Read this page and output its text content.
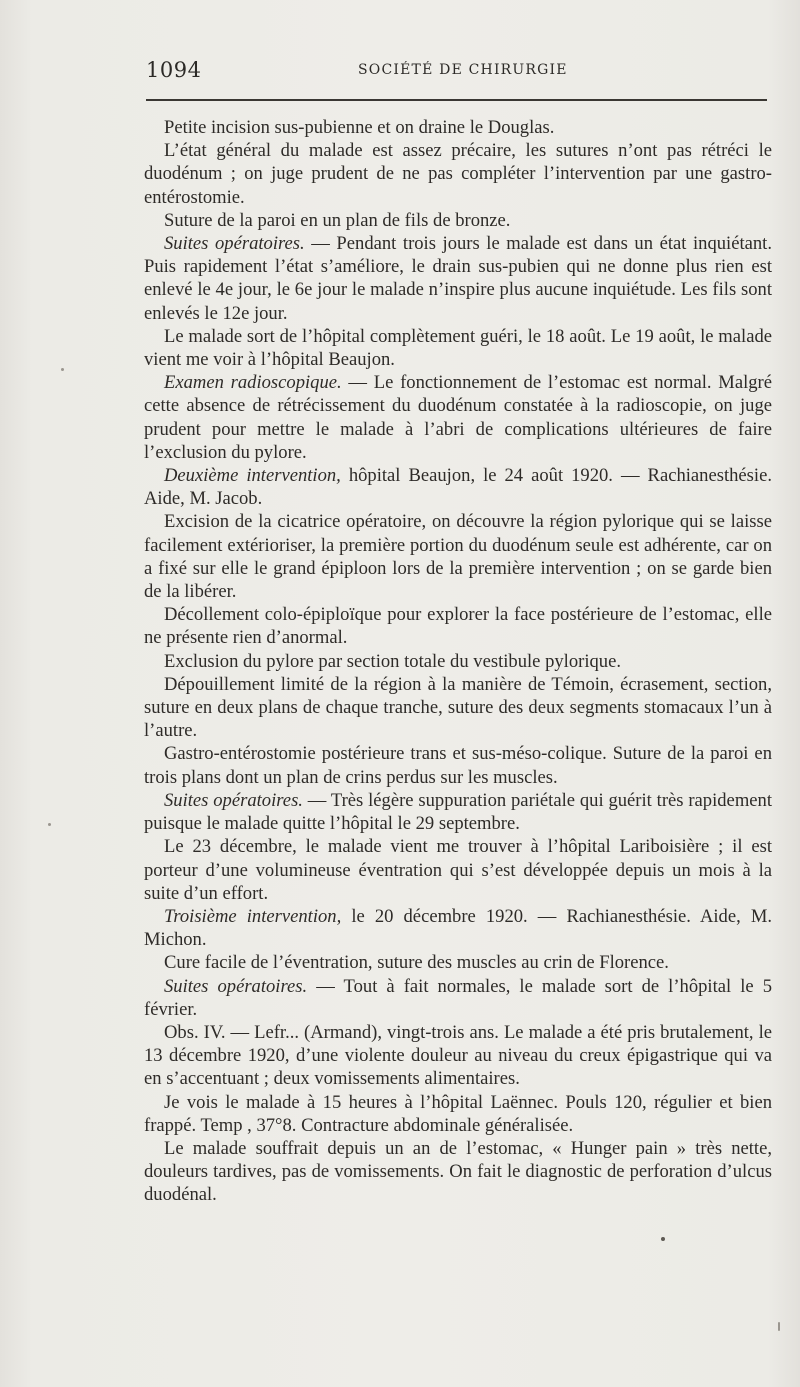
1094	SOCIÉTÉ DE CHIRURGIE

Petite incision sus-pubienne et on draine le Douglas.

L’état général du malade est assez précaire, les sutures n’ont pas rétréci le duodénum ; on juge prudent de ne pas compléter l’intervention par une gastro-entérostomie.

Suture de la paroi en un plan de fils de bronze.

Suites opératoires. — Pendant trois jours le malade est dans un état inquiétant. Puis rapidement l’état s’améliore, le drain sus-pubien qui ne donne plus rien est enlevé le 4e jour, le 6e jour le malade n’inspire plus aucune inquiétude. Les fils sont enlevés le 12e jour.

Le malade sort de l’hôpital complètement guéri, le 18 août. Le 19 août, le malade vient me voir à l’hôpital Beaujon.

Examen radioscopique. — Le fonctionnement de l’estomac est normal. Malgré cette absence de rétrécissement du duodénum constatée à la radioscopie, on juge prudent pour mettre le malade à l’abri de complications ultérieures de faire l’exclusion du pylore.

Deuxième intervention, hôpital Beaujon, le 24 août 1920. — Rachianesthésie. Aide, M. Jacob.

Excision de la cicatrice opératoire, on découvre la région pylorique qui se laisse facilement extérioriser, la première portion du duodénum seule est adhérente, car on a fixé sur elle le grand épiploon lors de la première intervention ; on se garde bien de la libérer.

Décollement colo-épiploïque pour explorer la face postérieure de l’estomac, elle ne présente rien d’anormal.

Exclusion du pylore par section totale du vestibule pylorique.

Dépouillement limité de la région à la manière de Témoin, écrasement, section, suture en deux plans de chaque tranche, suture des deux segments stomacaux l’un à l’autre.

Gastro-entérostomie postérieure trans et sus-méso-colique. Suture de la paroi en trois plans dont un plan de crins perdus sur les muscles.

Suites opératoires. — Très légère suppuration pariétale qui guérit très rapidement puisque le malade quitte l’hôpital le 29 septembre.

Le 23 décembre, le malade vient me trouver à l’hôpital Lariboisière ; il est porteur d’une volumineuse éventration qui s’est développée depuis un mois à la suite d’un effort.

Troisième intervention, le 20 décembre 1920. — Rachianesthésie. Aide, M. Michon.

Cure facile de l’éventration, suture des muscles au crin de Florence.

Suites opératoires. — Tout à fait normales, le malade sort de l’hôpital le 5 février.

Obs. IV. — Lefr... (Armand), vingt-trois ans. Le malade a été pris brutalement, le 13 décembre 1920, d’une violente douleur au niveau du creux épigastrique qui va en s’accentuant ; deux vomissements alimentaires.

Je vois le malade à 15 heures à l’hôpital Laënnec. Pouls 120, régulier et bien frappé. Temp , 37°8. Contracture abdominale généralisée.

Le malade souffrait depuis un an de l’estomac, « Hunger pain » très nette, douleurs tardives, pas de vomissements. On fait le diagnostic de perforation d’ulcus duodénal.
